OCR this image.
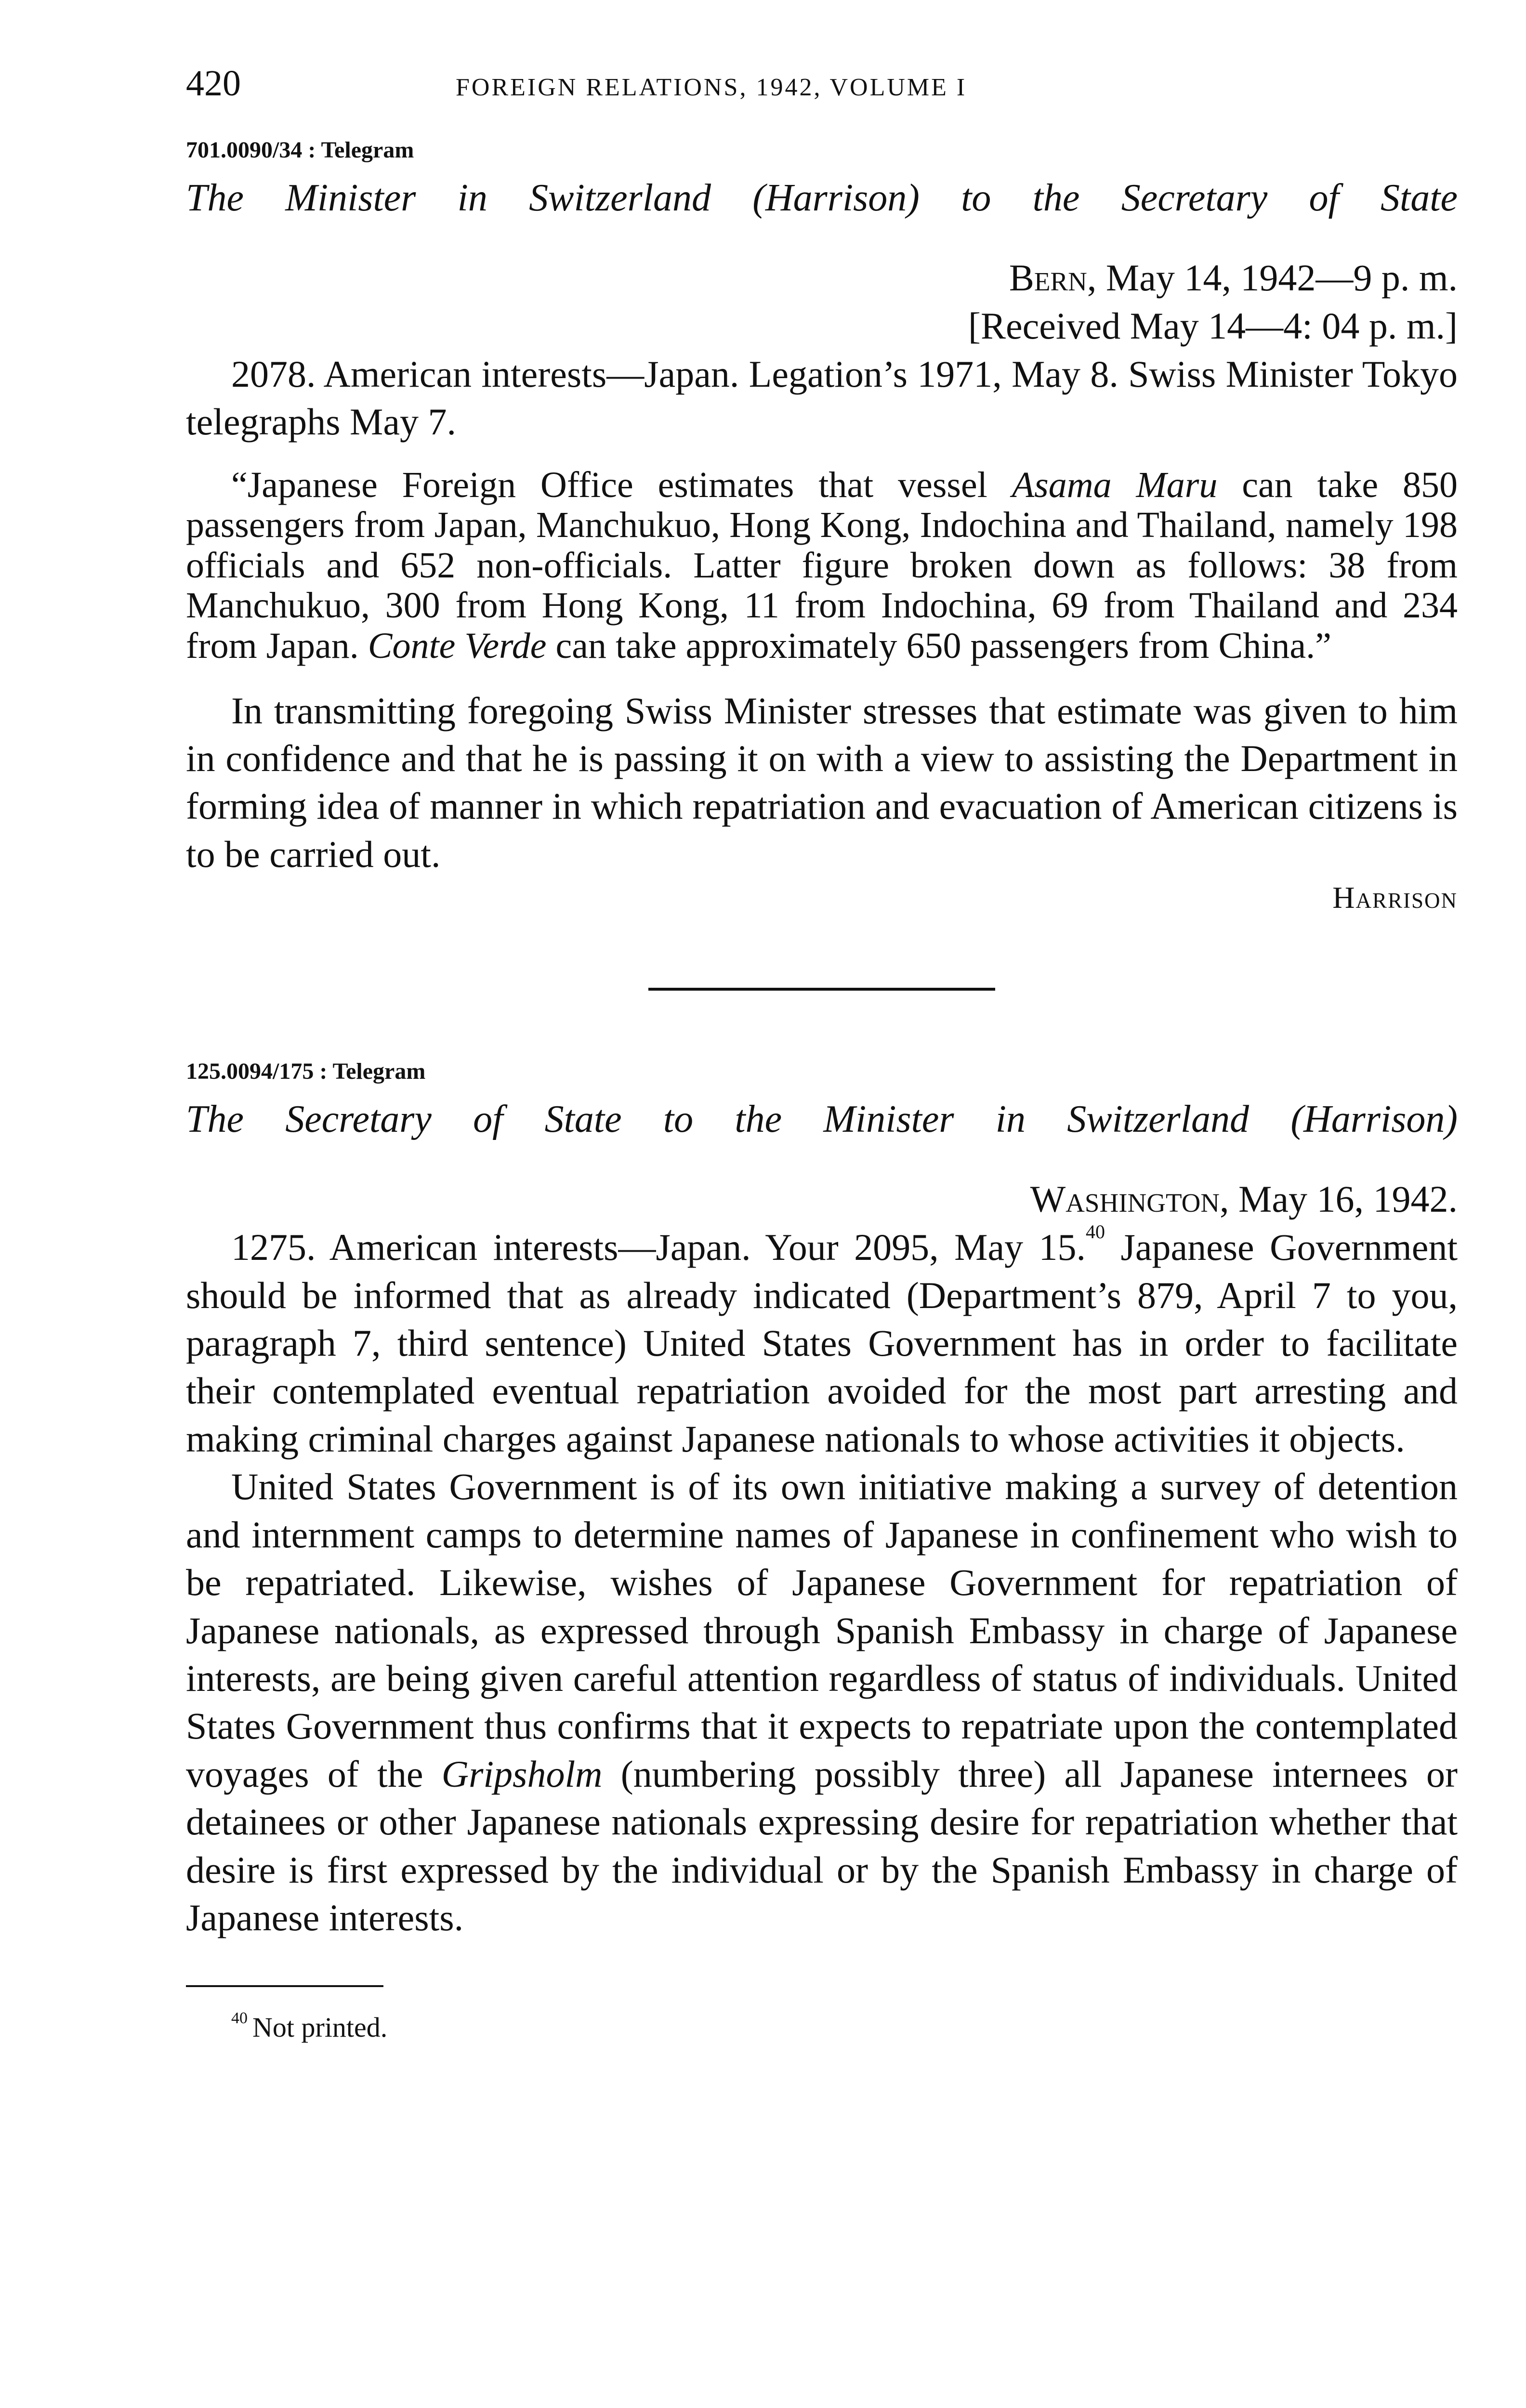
420	FOREIGN RELATIONS, 1942, VOLUME I
701.0090/34 : Telegram
The Minister in Switzerland (Harrison) to the Secretary of State
Bern, May 14, 1942—9 p. m.
[Received May 14—4: 04 p. m.]

2078. American interests—Japan. Legation’s 1971, May 8. Swiss Minister Tokyo telegraphs May 7.

“Japanese Foreign Office estimates that vessel Asama Maru can take 850 passengers from Japan, Manchukuo, Hong Kong, Indochina and Thailand, namely 198 officials and 652 non-officials. Latter figure broken down as follows: 38 from Manchukuo, 300 from Hong Kong, 11 from Indochina, 69 from Thailand and 234 from Japan. Conte Verde can take approximately 650 passengers from China.”

In transmitting foregoing Swiss Minister stresses that estimate was given to him in confidence and that he is passing it on with a view to assisting the Department in forming idea of manner in which repatriation and evacuation of American citizens is to be carried out.

Harrison
125.0094/175 : Telegram
The Secretary of State to the Minister in Switzerland (Harrison)
Washington, May 16, 1942.

1275. American interests—Japan. Your 2095, May 15.40 Japanese Government should be informed that as already indicated (Department’s 879, April 7 to you, paragraph 7, third sentence) United States Government has in order to facilitate their contemplated eventual repatriation avoided for the most part arresting and making criminal charges against Japanese nationals to whose activities it objects.

United States Government is of its own initiative making a survey of detention and internment camps to determine names of Japanese in confinement who wish to be repatriated. Likewise, wishes of Japanese Government for repatriation of Japanese nationals, as expressed through Spanish Embassy in charge of Japanese interests, are being given careful attention regardless of status of individuals. United States Government thus confirms that it expects to repatriate upon the contemplated voyages of the Gripsholm (numbering possibly three) all Japanese internees or detainees or other Japanese nationals expressing desire for repatriation whether that desire is first expressed by the individual or by the Spanish Embassy in charge of Japanese interests.

$^{40}$ Not printed.
